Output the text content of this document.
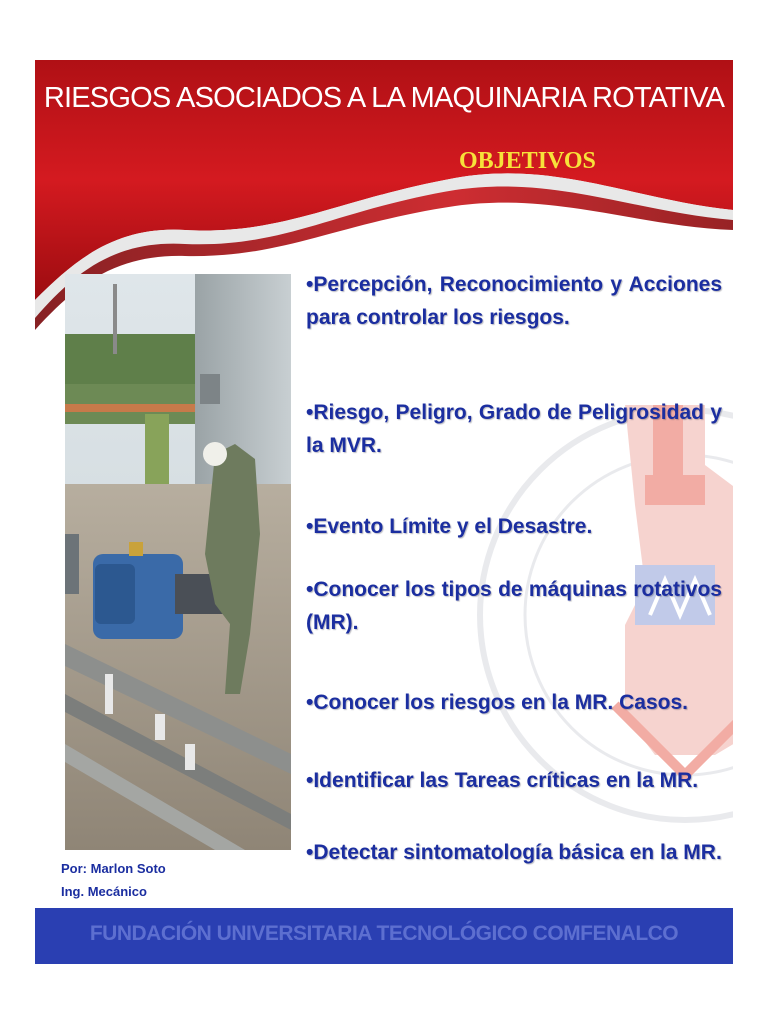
RIESGOS ASOCIADOS A LA MAQUINARIA ROTATIVA
OBJETIVOS
•Percepción, Reconocimiento y Acciones para controlar los riesgos.
•Riesgo, Peligro, Grado de Peligrosidad y la MVR.
•Evento Límite y el Desastre.
•Conocer los tipos de máquinas rotativos (MR).
•Conocer los riesgos en la MR. Casos.
•Identificar las Tareas críticas en la MR.
•Detectar sintomatología básica en la MR.
Por: Marlon Soto
Ing. Mecánico
FUNDACIÓN UNIVERSITARIA TECNOLÓGICO COMFENALCO
